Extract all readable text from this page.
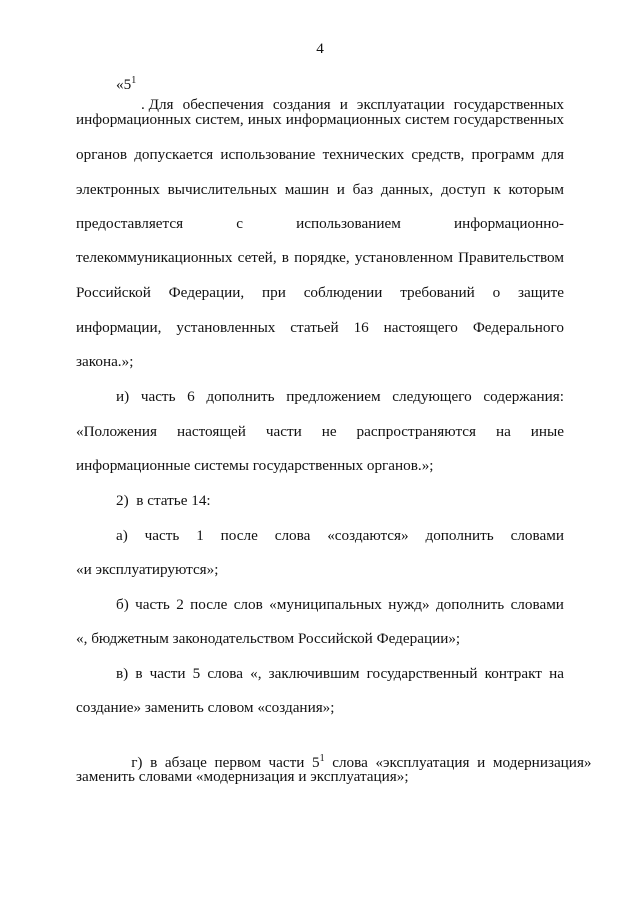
4
«$5^1$
. Для обеспечения создания и эксплуатации государственных
информационных систем, иных информационных систем государственных
органов допускается использование технических средств, программ для
электронных вычислительных машин и баз данных, доступ к которым
предоставляется	с	использованием	информационно-
телекоммуникационных сетей, в порядке, установленном Правительством
Российской Федерации, при соблюдении требований о защите
информации, установленных статьей 16 настоящего Федерального
закона.»;
и) часть 6 дополнить предложением следующего содержания:
«Положения настоящей части не распространяются на иные
информационные системы государственных органов.»;
2)  в статье 14:
а) часть 1 после слова «создаются» дополнить словами
«и эксплуатируются»;
б) часть 2 после слов «муниципальных нужд» дополнить словами
«, бюджетным законодательством Российской Федерации»;
в) в части 5 слова «, заключившим государственный контракт на
создание» заменить словом «создания»;

г)  в  абзаце  первом  части  $5^1$  слова  «эксплуатация  и  модернизация»

заменить словами «модернизация и эксплуатация»;
